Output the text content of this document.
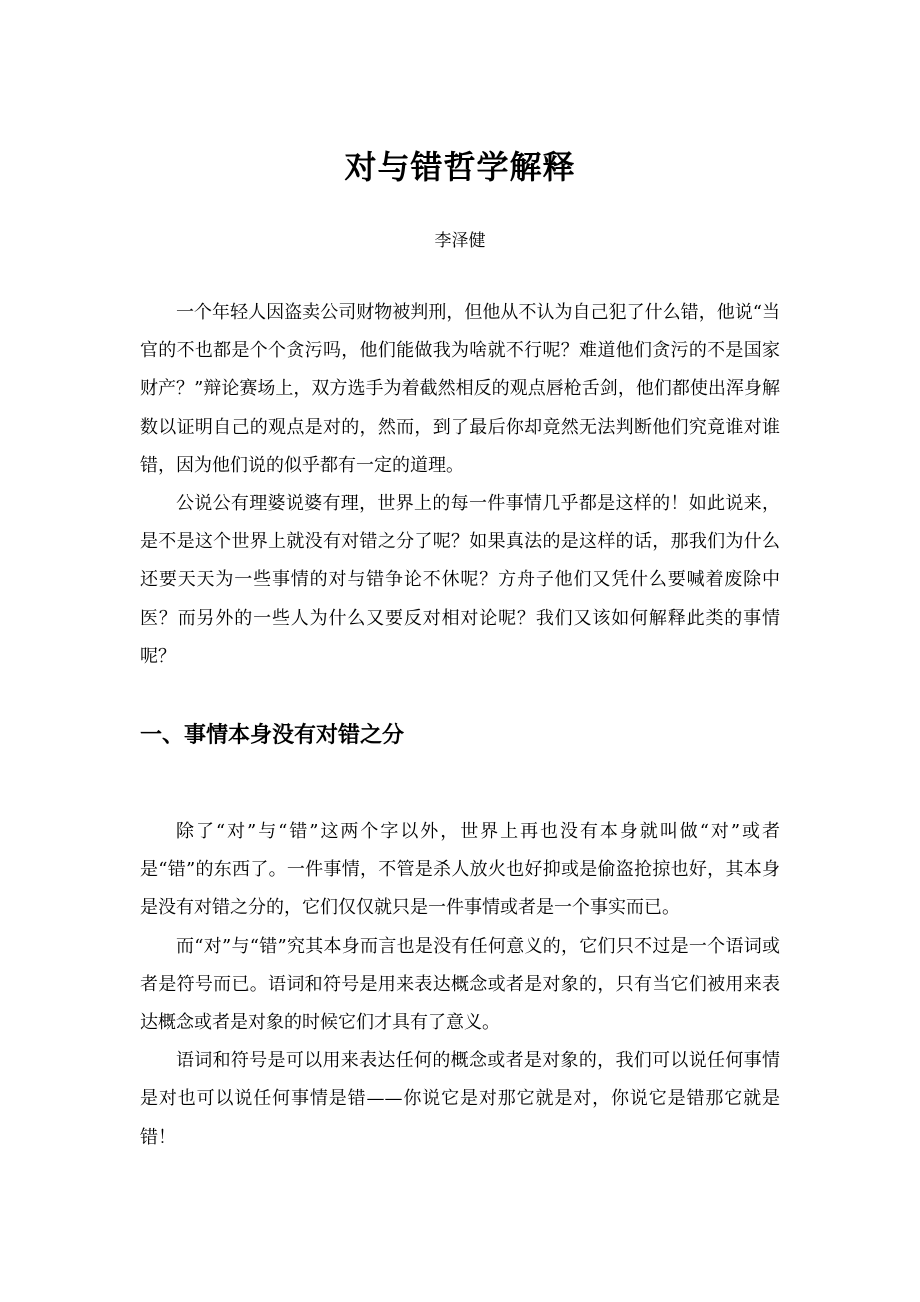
对与错哲学解释
李泽健

一个年轻人因盗卖公司财物被判刑，但他从不认为自己犯了什么错，他说“当官的不也都是个个贪污吗，他们能做我为啥就不行呢？难道他们贪污的不是国家财产？”辩论赛场上，双方选手为着截然相反的观点唇枪舌剑，他们都使出浑身解数以证明自己的观点是对的，然而，到了最后你却竟然无法判断他们究竟谁对谁错，因为他们说的似乎都有一定的道理。

公说公有理婆说婆有理，世界上的每一件事情几乎都是这样的！如此说来，是不是这个世界上就没有对错之分了呢？如果真法的是这样的话，那我们为什么还要天天为一些事情的对与错争论不休呢？方舟子他们又凭什么要喊着废除中医？而另外的一些人为什么又要反对相对论呢？我们又该如何解释此类的事情呢？

一、事情本身没有对错之分

除了“对”与“错”这两个字以外，世界上再也没有本身就叫做“对”或者是“错”的东西了。一件事情，不管是杀人放火也好抑或是偷盗抢掠也好，其本身是没有对错之分的，它们仅仅就只是一件事情或者是一个事实而已。

而“对”与“错”究其本身而言也是没有任何意义的，它们只不过是一个语词或者是符号而已。语词和符号是用来表达概念或者是对象的，只有当它们被用来表达概念或者是对象的时候它们才具有了意义。

语词和符号是可以用来表达任何的概念或者是对象的，我们可以说任何事情是对也可以说任何事情是错——你说它是对那它就是对，你说它是错那它就是错！
